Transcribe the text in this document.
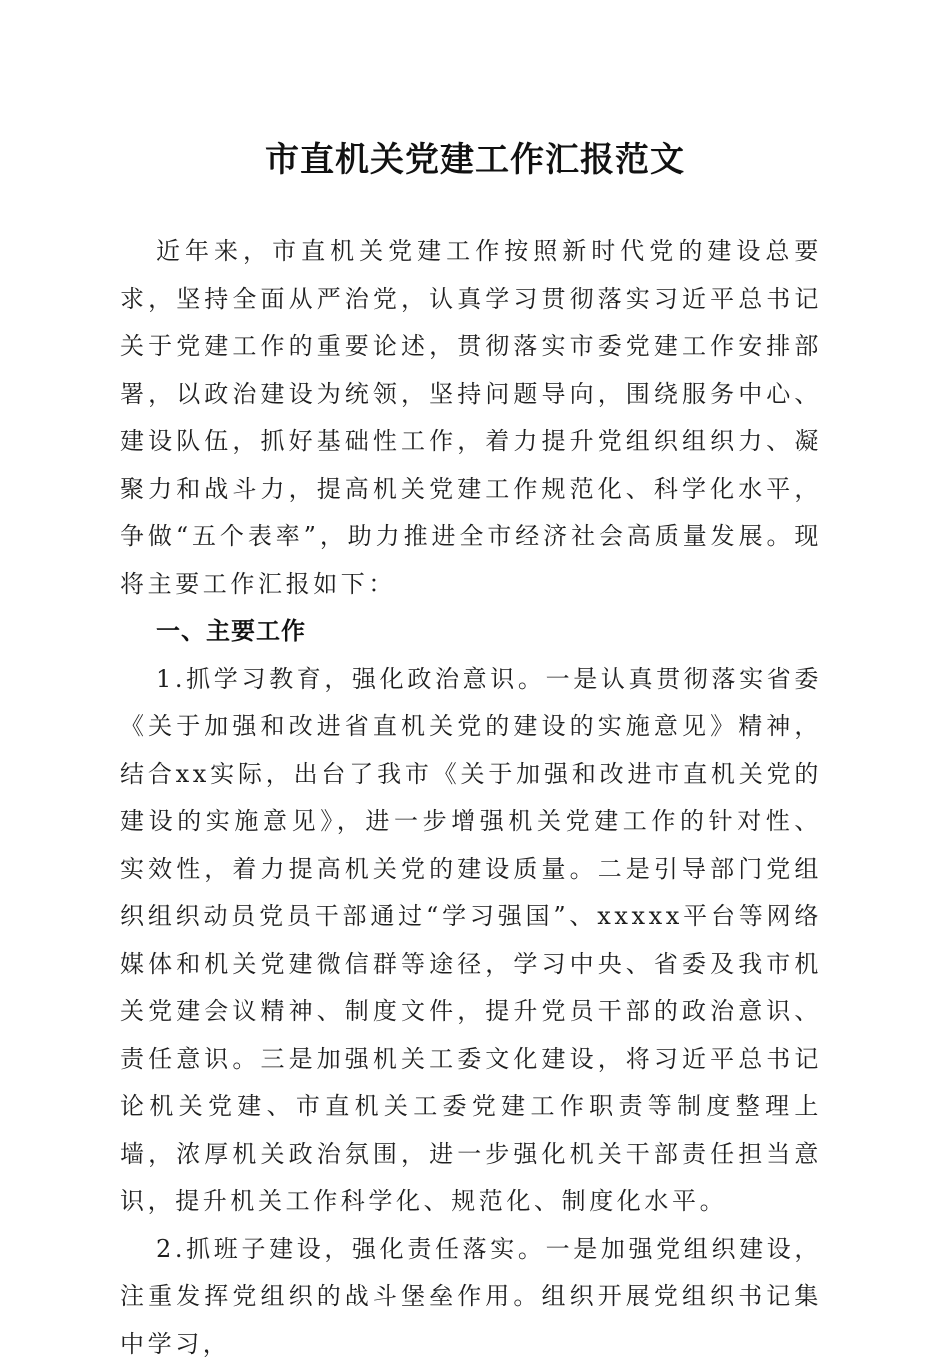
市直机关党建工作汇报范文

近年来，市直机关党建工作按照新时代党的建设总要求，坚持全面从严治党，认真学习贯彻落实习近平总书记关于党建工作的重要论述，贯彻落实市委党建工作安排部署，以政治建设为统领，坚持问题导向，围绕服务中心、建设队伍，抓好基础性工作，着力提升党组织组织力、凝聚力和战斗力，提高机关党建工作规范化、科学化水平，争做“五个表率”，助力推进全市经济社会高质量发展。现将主要工作汇报如下：

一、主要工作

1.抓学习教育，强化政治意识。一是认真贯彻落实省委《关于加强和改进省直机关党的建设的实施意见》精神，结合xx实际，出台了我市《关于加强和改进市直机关党的建设的实施意见》，进一步增强机关党建工作的针对性、实效性，着力提高机关党的建设质量。二是引导部门党组织组织动员党员干部通过“学习强国”、xxxxx平台等网络媒体和机关党建微信群等途径，学习中央、省委及我市机关党建会议精神、制度文件，提升党员干部的政治意识、责任意识。三是加强机关工委文化建设，将习近平总书记论机关党建、市直机关工委党建工作职责等制度整理上墙，浓厚机关政治氛围，进一步强化机关干部责任担当意识，提升机关工作科学化、规范化、制度化水平。

2.抓班子建设，强化责任落实。一是加强党组织建设，注重发挥党组织的战斗堡垒作用。组织开展党组织书记集中学习，
